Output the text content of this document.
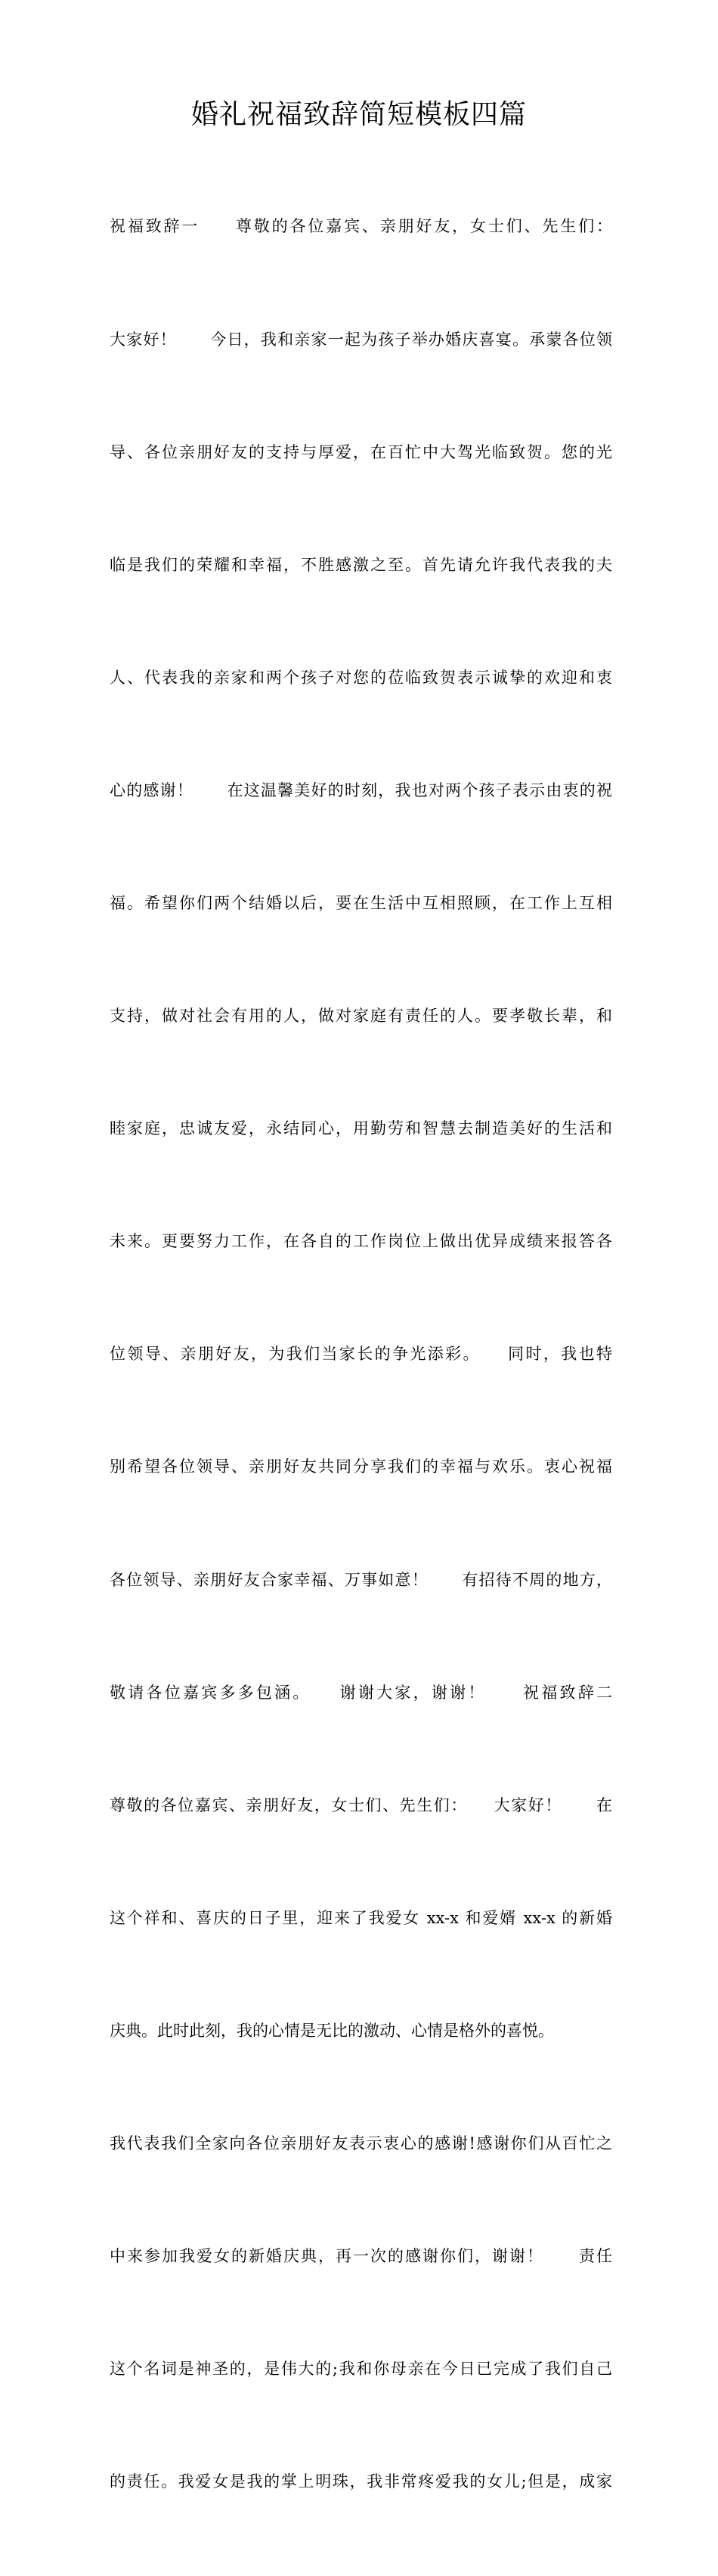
婚礼祝福致辞简短模板四篇

祝福致辞一　　尊敬的各位嘉宾、亲朋好友，女士们、先生们：

大家好！　　今日，我和亲家一起为孩子举办婚庆喜宴。承蒙各位领

导、各位亲朋好友的支持与厚爱，在百忙中大驾光临致贺。您的光

临是我们的荣耀和幸福，不胜感激之至。首先请允许我代表我的夫

人、代表我的亲家和两个孩子对您的莅临致贺表示诚挚的欢迎和衷

心的感谢！　　在这温馨美好的时刻，我也对两个孩子表示由衷的祝

福。希望你们两个结婚以后，要在生活中互相照顾，在工作上互相

支持，做对社会有用的人，做对家庭有责任的人。要孝敬长辈，和

睦家庭，忠诚友爱，永结同心，用勤劳和智慧去制造美好的生活和

未来。更要努力工作，在各自的工作岗位上做出优异成绩来报答各

位领导、亲朋好友，为我们当家长的争光添彩。　　同时，我也特

别希望各位领导、亲朋好友共同分享我们的幸福与欢乐。衷心祝福

各位领导、亲朋好友合家幸福、万事如意！　　有招待不周的地方，

敬请各位嘉宾多多包涵。　　谢谢大家，谢谢！　　祝福致辞二

尊敬的各位嘉宾、亲朋好友，女士们、先生们：　　大家好！　　在

这个祥和、喜庆的日子里，迎来了我爱女 xx-x 和爱婿 xx-x 的新婚

庆典。此时此刻，我的心情是无比的激动、心情是格外的喜悦。

我代表我们全家向各位亲朋好友表示衷心的感谢!感谢你们从百忙之

中来参加我爱女的新婚庆典，再一次的感谢你们，谢谢！　　责任

这个名词是神圣的，是伟大的;我和你母亲在今日已完成了我们自己

的责任。我爱女是我的掌上明珠，我非常疼爱我的女儿;但是，成家
